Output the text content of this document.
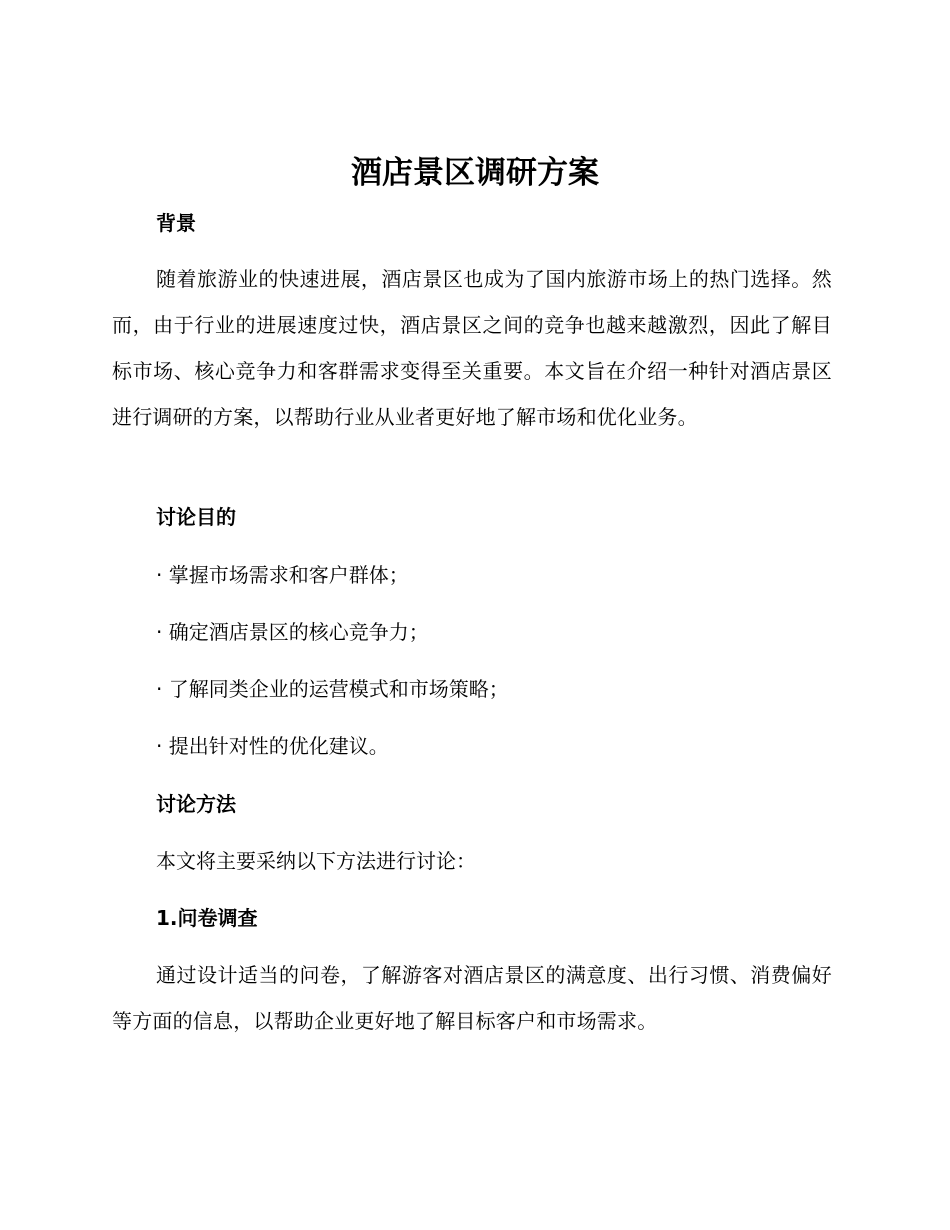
酒店景区调研方案
背景

随着旅游业的快速进展，酒店景区也成为了国内旅游市场上的热门选择。然而，由于行业的进展速度过快，酒店景区之间的竞争也越来越激烈，因此了解目标市场、核心竞争力和客群需求变得至关重要。本文旨在介绍一种针对酒店景区进行调研的方案，以帮助行业从业者更好地了解市场和优化业务。

讨论目的

· 掌握市场需求和客户群体；

· 确定酒店景区的核心竞争力；

· 了解同类企业的运营模式和市场策略；

· 提出针对性的优化建议。

讨论方法

本文将主要采纳以下方法进行讨论：

1.问卷调查

通过设计适当的问卷，了解游客对酒店景区的满意度、出行习惯、消费偏好等方面的信息，以帮助企业更好地了解目标客户和市场需求。
